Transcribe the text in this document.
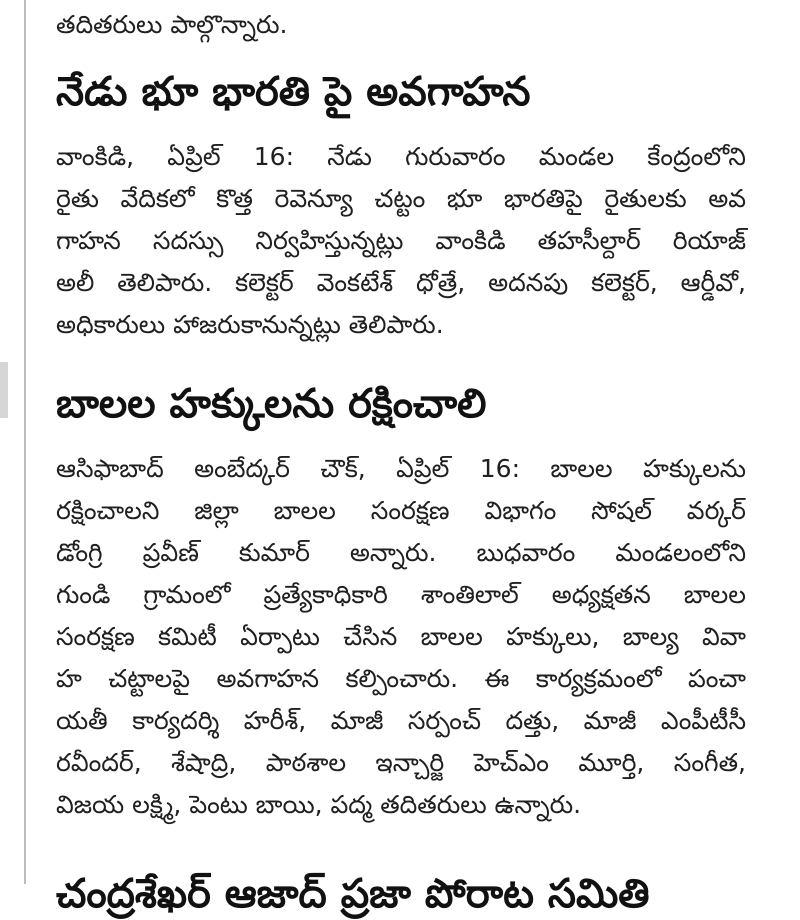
తదితరులు పాల్గొన్నారు.
నేడు భూ భారతి పై అవగాహన
వాంకిడి, ఏప్రిల్ 16: నేడు గురువారం మండల కేంద్రంలోని
రైతు వేదికలో కొత్త రెవెన్యూ చట్టం భూ భారతిపై రైతులకు అవ
గాహన సదస్సు నిర్వహిస్తున్నట్లు వాంకిడి తహసీల్దార్ రియాజ్
అలీ తెలిపారు. కలెక్టర్ వెంకటేశ్ ధోత్రే, అదనపు కలెక్టర్, ఆర్డీవో,
అధికారులు హాజరుకానున్నట్లు తెలిపారు.
బాలల హక్కులను రక్షించాలి
ఆసిఫాబాద్ అంబేద్కర్ చౌక్, ఏప్రిల్ 16: బాలల హక్కులను
రక్షించాలని జిల్లా బాలల సంరక్షణ విభాగం సోషల్ వర్కర్
డోంగ్రి ప్రవీణ్ కుమార్ అన్నారు. బుధవారం మండలంలోని
గుండి గ్రామంలో ప్రత్యేకాధికారి శాంతిలాల్ అధ్యక్షతన బాలల
సంరక్షణ కమిటీ ఏర్పాటు చేసిన బాలల హక్కులు, బాల్య వివా
హ చట్టాలపై అవగాహన కల్పించారు. ఈ కార్యక్రమంలో పంచా
యతీ కార్యదర్శి హరీశ్, మాజీ సర్పంచ్ దత్తు, మాజీ ఎంపీటీసీ
రవీందర్, శేషాద్రి, పాఠశాల ఇన్చార్జి హెచ్ఎం మూర్తి, సంగీత,
విజయ లక్ష్మి, పెంటు బాయి, పద్మ తదితరులు ఉన్నారు.
చంద్రశేఖర్ ఆజాద్ ప్రజా పోరాట సమితి
